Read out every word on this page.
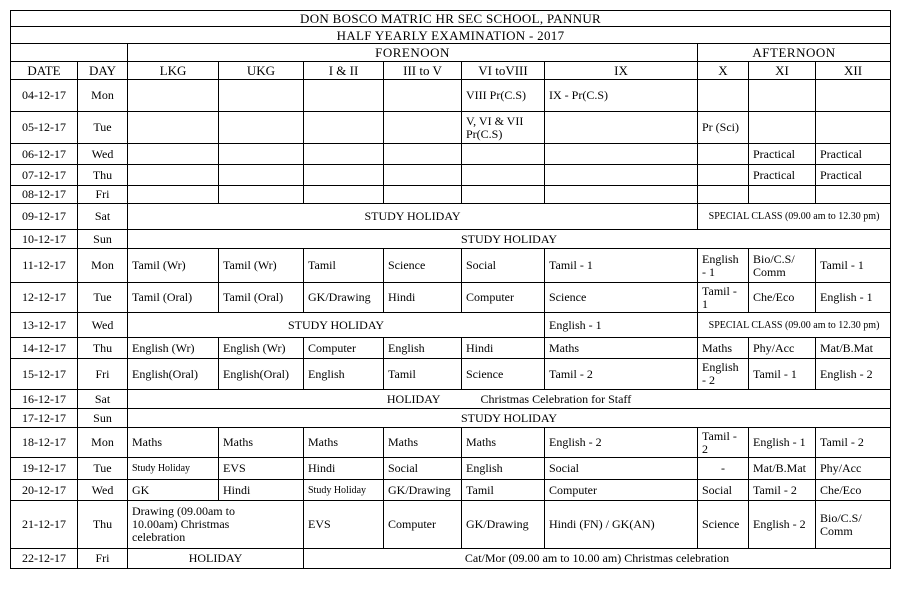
DON BOSCO MATRIC HR SEC SCHOOL, PANNUR										
HALF YEARLY EXAMINATION - 2017										
		FORENOON						AFTERNOON		
DATE	DAY	LKG	UKG	I & II	III to V	VI toVIII	IX	X	XI	XII
04-12-17	Mon					VIII Pr(C.S)	IX - Pr(C.S)			
05-12-17	Tue					V, VI & VII Pr(C.S)		Pr (Sci)		
06-12-17	Wed								Practical	Practical
07-12-17	Thu								Practical	Practical
08-12-17	Fri									
09-12-17	Sat	STUDY HOLIDAY						SPECIAL CLASS (09.00 am to 12.30 pm)		
10-12-17	Sun	STUDY HOLIDAY								
11-12-17	Mon	Tamil (Wr)	Tamil (Wr)	Tamil	Science	Social	Tamil - 1	English - 1	Bio/C.S/ Comm	Tamil - 1
12-12-17	Tue	Tamil (Oral)	Tamil (Oral)	GK/Drawing	Hindi	Computer	Science	Tamil - 1	Che/Eco	English - 1
13-12-17	Wed	STUDY HOLIDAY					English - 1	SPECIAL CLASS (09.00 am to 12.30 pm)		
14-12-17	Thu	English (Wr)	English (Wr)	Computer	English	Hindi	Maths	Maths	Phy/Acc	Mat/B.Mat
15-12-17	Fri	English(Oral)	English(Oral)	English	Tamil	Science	Tamil - 2	English - 2	Tamil - 1	English - 2
16-12-17	Sat	HOLIDAY Christmas Celebration for Staff								
17-12-17	Sun	STUDY HOLIDAY								
18-12-17	Mon	Maths	Maths	Maths	Maths	Maths	English - 2	Tamil - 2	English - 1	Tamil - 2
19-12-17	Tue	Study Holiday	EVS	Hindi	Social	English	Social	-	Mat/B.Mat	Phy/Acc
20-12-17	Wed	GK	Hindi	Study Holiday	GK/Drawing	Tamil	Computer	Social	Tamil - 2	Che/Eco
21-12-17	Thu	Drawing (09.00am to 10.00am) Christmas celebration		EVS	Computer	GK/Drawing	Hindi (FN) / GK(AN)	Science	English - 2	Bio/C.S/ Comm
22-12-17	Fri	HOLIDAY		Cat/Mor (09.00 am to 10.00 am) Christmas celebration						
